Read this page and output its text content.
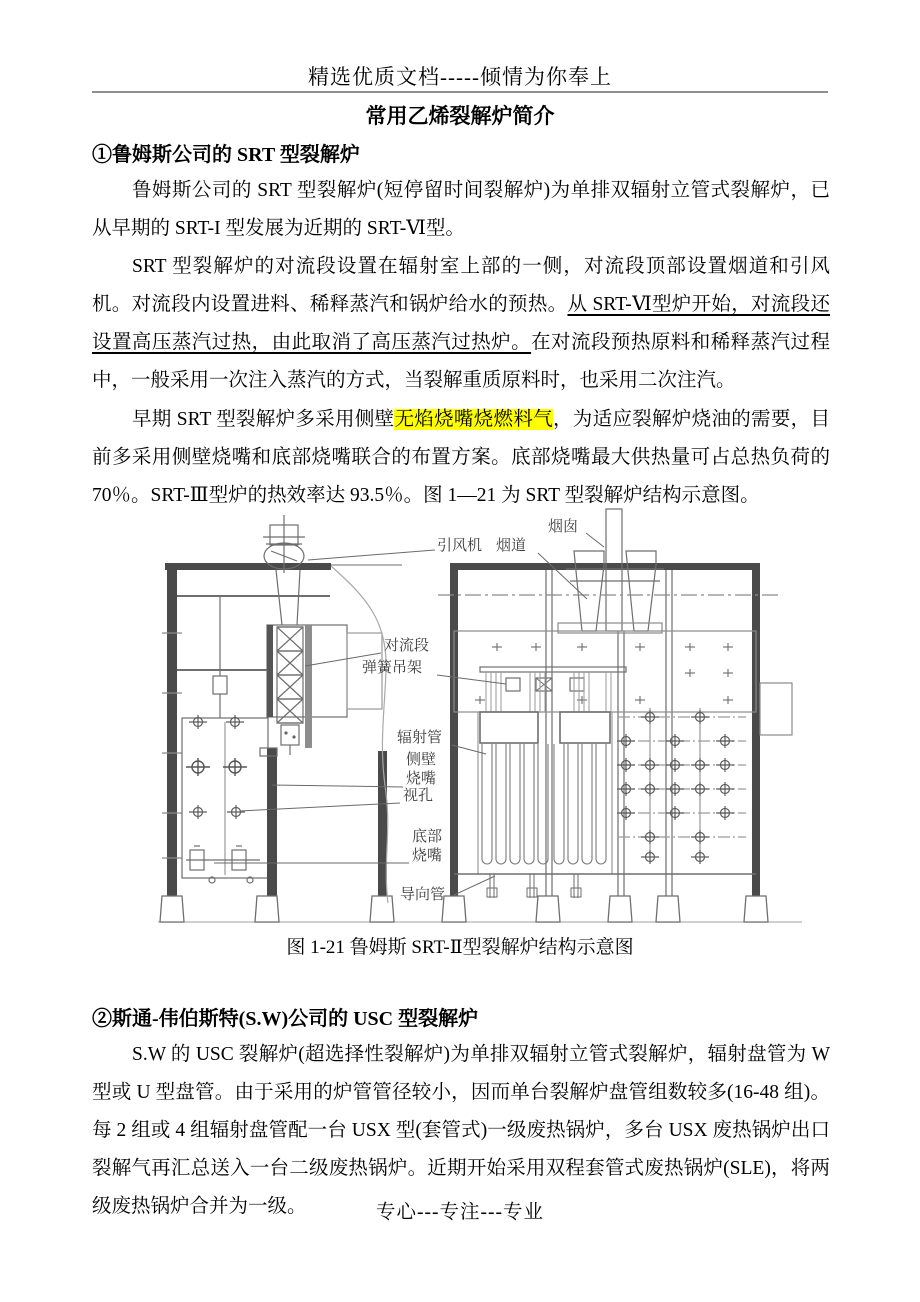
精选优质文档-----倾情为你奉上
常用乙烯裂解炉简介
①鲁姆斯公司的 SRT 型裂解炉

鲁姆斯公司的 SRT 型裂解炉(短停留时间裂解炉)为单排双辐射立管式裂解炉，已从早期的 SRT-I 型发展为近期的 SRT-Ⅵ型。

SRT 型裂解炉的对流段设置在辐射室上部的一侧，对流段顶部设置烟道和引风机。对流段内设置进料、稀释蒸汽和锅炉给水的预热。从 SRT-Ⅵ型炉开始，对流段还设置高压蒸汽过热，由此取消了高压蒸汽过热炉。在对流段预热原料和稀释蒸汽过程中，一般采用一次注入蒸汽的方式，当裂解重质原料时，也采用二次注汽。

早期 SRT 型裂解炉多采用侧壁无焰烧嘴烧燃料气，为适应裂解炉烧油的需要，目前多采用侧壁烧嘴和底部烧嘴联合的布置方案。底部烧嘴最大供热量可占总热负荷的 70％。SRT-Ⅲ型炉的热效率达 93.5％。图 1—21 为 SRT 型裂解炉结构示意图。

引风机
烟囱
烟道
对流段
弹簧吊架
辐射管
侧壁
烧嘴
视孔
底部
烧嘴
导向管
图 1-21 鲁姆斯 SRT-Ⅱ型裂解炉结构示意图
②斯通-伟伯斯特(S.W)公司的 USC 型裂解炉

S.W 的 USC 裂解炉(超选择性裂解炉)为单排双辐射立管式裂解炉，辐射盘管为 W 型或 U 型盘管。由于采用的炉管管径较小，因而单台裂解炉盘管组数较多(16-48 组)。每 2 组或 4 组辐射盘管配一台 USX 型(套管式)一级废热锅炉，多台 USX 废热锅炉出口裂解气再汇总送入一台二级废热锅炉。近期开始采用双程套管式废热锅炉(SLE)，将两级废热锅炉合并为一级。	专心---专注---专业
